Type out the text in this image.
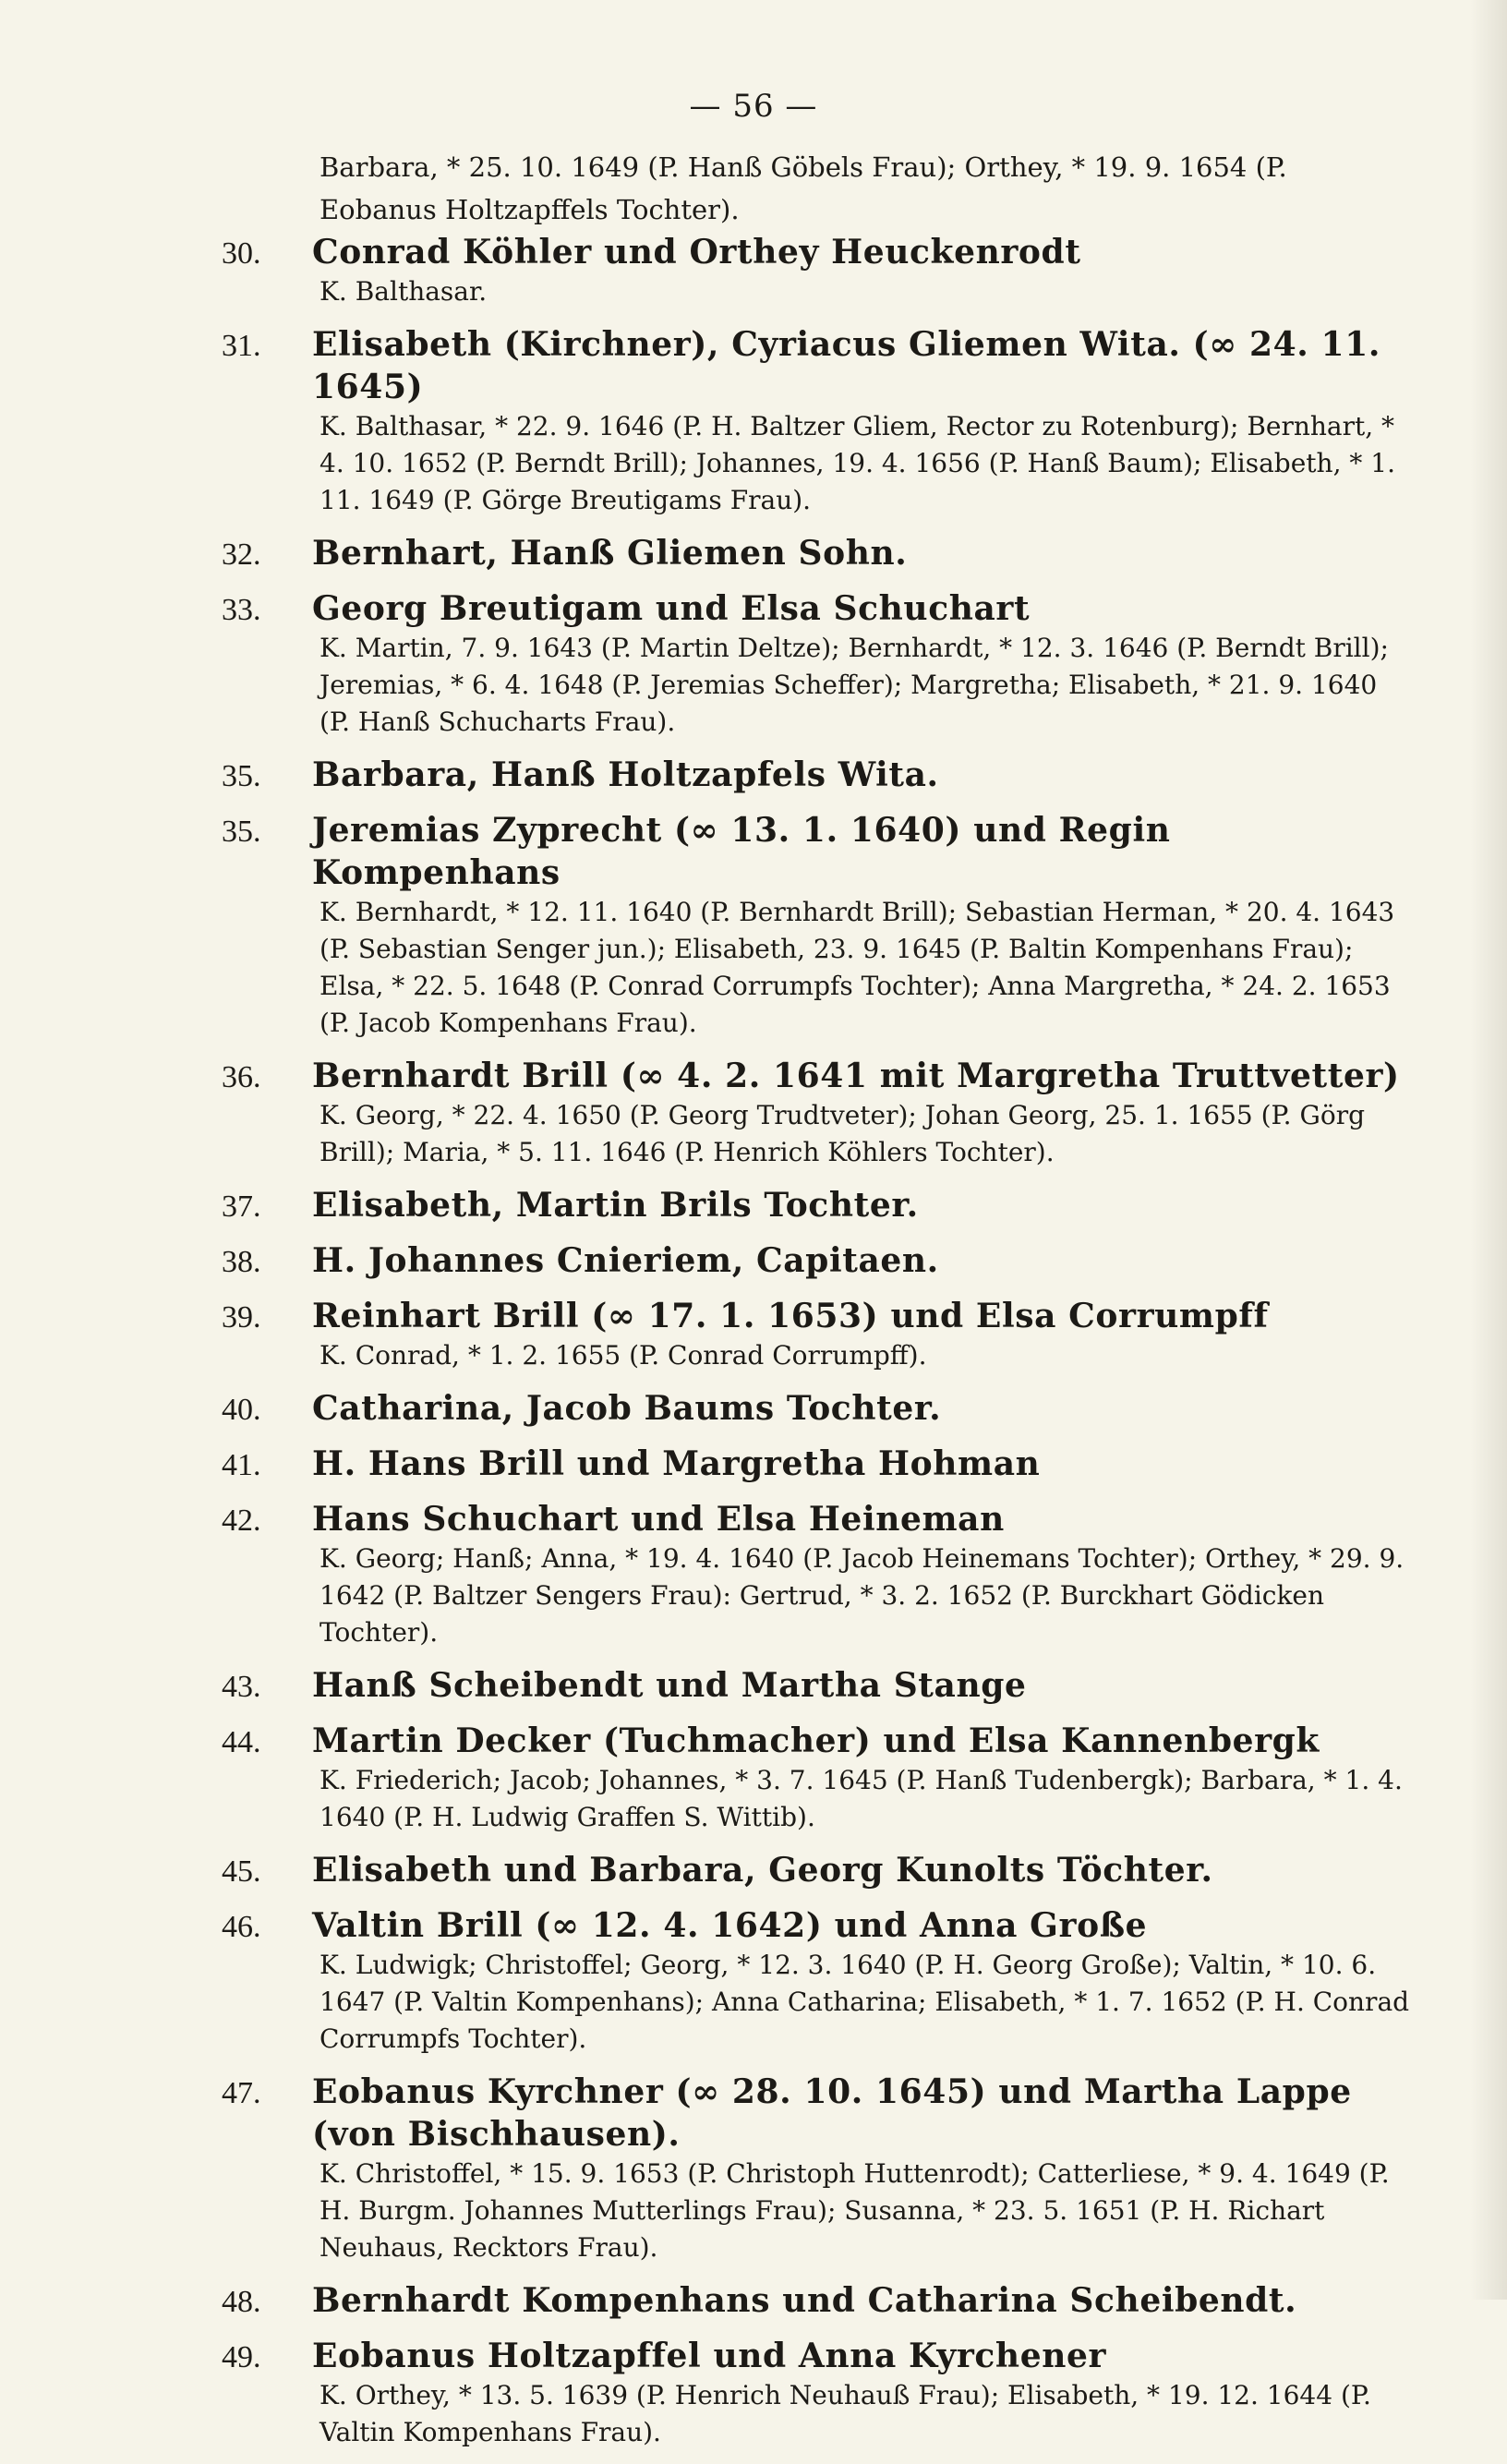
— 56 —
Barbara, * 25. 10. 1649 (P. Hanß Göbels Frau); Orthey, * 19. 9. 1654 (P.
Eobanus Holtzapffels Tochter).
30.	Conrad Köhler und Orthey Heuckenrodt
K. Balthasar.
31.	Elisabeth (Kirchner), Cyriacus Gliemen Wita. (∞ 24. 11. 1645)
K. Balthasar, * 22. 9. 1646 (P. H. Baltzer Gliem, Rector zu Rotenburg); Bernhart, * 4. 10. 1652 (P. Berndt Brill); Johannes, 19. 4. 1656 (P. Hanß Baum); Elisabeth, * 1. 11. 1649 (P. Görge Breutigams Frau).
32.	Bernhart, Hanß Gliemen Sohn.
33.	Georg Breutigam und Elsa Schuchart
K. Martin, 7. 9. 1643 (P. Martin Deltze); Bernhardt, * 12. 3. 1646 (P. Berndt Brill); Jeremias, * 6. 4. 1648 (P. Jeremias Scheffer); Margretha; Elisabeth, * 21. 9. 1640 (P. Hanß Schucharts Frau).
35.	Barbara, Hanß Holtzapfels Wita.
35.	Jeremias Zyprecht (∞ 13. 1. 1640) und Regin Kompenhans
K. Bernhardt, * 12. 11. 1640 (P. Bernhardt Brill); Sebastian Herman, * 20. 4. 1643 (P. Sebastian Senger jun.); Elisabeth, 23. 9. 1645 (P. Baltin Kompenhans Frau); Elsa, * 22. 5. 1648 (P. Conrad Corrumpfs Tochter); Anna Margretha, * 24. 2. 1653 (P. Jacob Kompenhans Frau).
36.	Bernhardt Brill (∞ 4. 2. 1641 mit Margretha Truttvetter)
K. Georg, * 22. 4. 1650 (P. Georg Trudtveter); Johan Georg, 25. 1. 1655 (P. Görg Brill); Maria, * 5. 11. 1646 (P. Henrich Köhlers Tochter).
37.	Elisabeth, Martin Brils Tochter.
38.	H. Johannes Cnieriem, Capitaen.
39.	Reinhart Brill (∞ 17. 1. 1653) und Elsa Corrumpff
K. Conrad, * 1. 2. 1655 (P. Conrad Corrumpff).
40.	Catharina, Jacob Baums Tochter.
41.	H. Hans Brill und Margretha Hohman
42.	Hans Schuchart und Elsa Heineman
K. Georg; Hanß; Anna, * 19. 4. 1640 (P. Jacob Heinemans Tochter); Orthey, * 29. 9. 1642 (P. Baltzer Sengers Frau): Gertrud, * 3. 2. 1652 (P. Burckhart Gödicken Tochter).
43.	Hanß Scheibendt und Martha Stange
44.	Martin Decker (Tuchmacher) und Elsa Kannenbergk
K. Friederich; Jacob; Johannes, * 3. 7. 1645 (P. Hanß Tudenbergk); Barbara, * 1. 4. 1640 (P. H. Ludwig Graffen S. Wittib).
45.	Elisabeth und Barbara, Georg Kunolts Töchter.
46.	Valtin Brill (∞ 12. 4. 1642) und Anna Große
K. Ludwigk; Christoffel; Georg, * 12. 3. 1640 (P. H. Georg Große); Valtin, * 10. 6. 1647 (P. Valtin Kompenhans); Anna Catharina; Elisabeth, * 1. 7. 1652 (P. H. Conrad Corrumpfs Tochter).
47.	Eobanus Kyrchner (∞ 28. 10. 1645) und Martha Lappe (von Bischhausen).
K. Christoffel, * 15. 9. 1653 (P. Christoph Huttenrodt); Catterliese, * 9. 4. 1649 (P. H. Burgm. Johannes Mutterlings Frau); Susanna, * 23. 5. 1651 (P. H. Richart Neuhaus, Recktors Frau).
48.	Bernhardt Kompenhans und Catharina Scheibendt.
49.	Eobanus Holtzapffel und Anna Kyrchener
K. Orthey, * 13. 5. 1639 (P. Henrich Neuhauß Frau); Elisabeth, * 19. 12. 1644 (P. Valtin Kompenhans Frau).
